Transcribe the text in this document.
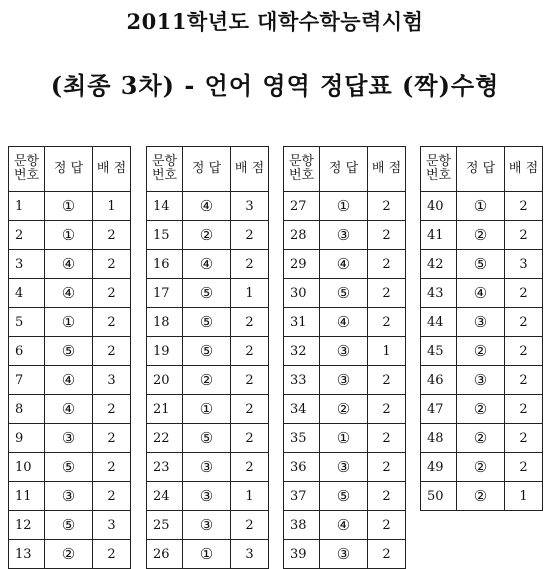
2011학년도 대학수학능력시험
(최종 3차) - 언어 영역 정답표 (짝)수형
문항
번호	정 답	배 점
1	①	1
2	①	2
3	④	2
4	④	2
5	①	2
6	⑤	2
7	④	3
8	④	2
9	③	2
10	⑤	2
11	③	2
12	⑤	3
13	②	2
문항
번호	정 답	배 점
14	④	3
15	②	2
16	④	2
17	⑤	1
18	⑤	2
19	⑤	2
20	②	2
21	①	2
22	⑤	2
23	③	2
24	③	1
25	③	2
26	①	3
문항
번호	정 답	배 점
27	①	2
28	③	2
29	④	2
30	⑤	2
31	④	2
32	③	1
33	③	2
34	②	2
35	①	2
36	③	2
37	⑤	2
38	④	2
39	③	2
문항
번호	정 답	배 점
40	①	2
41	②	2
42	⑤	3
43	④	2
44	③	2
45	②	2
46	③	2
47	②	2
48	②	2
49	②	2
50	②	1
